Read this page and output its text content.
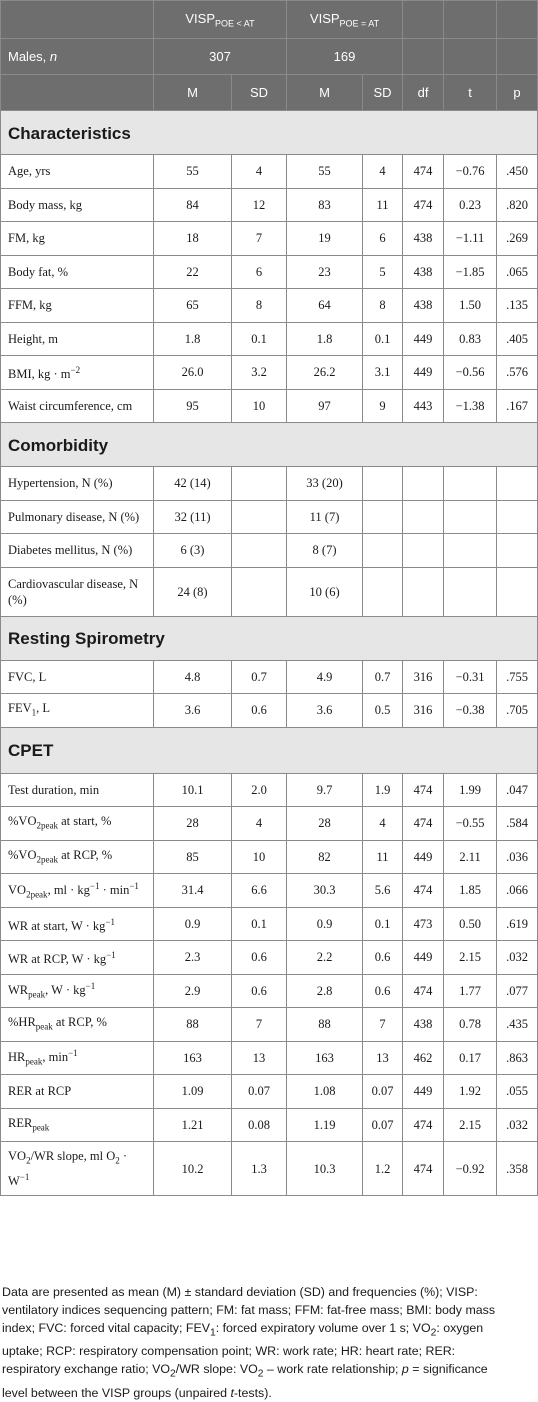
	$VISP_{POE < AT}$		$VISP_{POE = AT}$			
Males, n	307		169				
	M	SD	M	SD	df	t	p
Characteristics							
Age, yrs	55	4	55	4	474	−0.76	.450
Body mass, kg	84	12	83	11	474	0.23	.820
FM, kg	18	7	19	6	438	−1.11	.269
Body fat, %	22	6	23	5	438	−1.85	.065
FFM, kg	65	8	64	8	438	1.50	.135
Height, m	1.8	0.1	1.8	0.1	449	0.83	.405
BMI, kg · $m^{-2}$	26.0	3.2	26.2	3.1	449	−0.56	.576
Waist circumference, cm	95	10	97	9	443	−1.38	.167
Comorbidity							
Hypertension, N (%)	42 (14)		33 (20)				
Pulmonary disease, N (%)	32 (11)		11 (7)				
Diabetes mellitus, N (%)	6 (3)		8 (7)				
Cardiovascular disease, N (%)	24 (8)		10 (6)				
Resting Spirometry							
FVC, L	4.8	0.7	4.9	0.7	316	−0.31	.755
$FEV_1$, L	3.6	0.6	3.6	0.5	316	−0.38	.705
CPET							
Test duration, min	10.1	2.0	9.7	1.9	474	1.99	.047
$\%VO_{2peak}$ at start, %	28	4	28	4	474	−0.55	.584
$\%VO_{2peak}$ at RCP, %	85	10	82	11	449	2.11	.036
$VO_{2peak}$, ml · $kg^{-1} \cdot \min^{-1}$	31.4	6.6	30.3	5.6	474	1.85	.066
WR at start, $W \cdot kg^{-1}$	0.9	0.1	0.9	0.1	473	0.50	.619
WR at RCP, $W \cdot kg^{-1}$	2.3	0.6	2.2	0.6	449	2.15	.032
$WR_{peak}$, $W \cdot kg^{-1}$	2.9	0.6	2.8	0.6	474	1.77	.077
$\%HR_{peak}$ at RCP, %	88	7	88	7	438	0.78	.435
$HR_{peak}$, $\min^{-1}$	163	13	163	13	462	0.17	.863
RER at RCP	1.09	0.07	1.08	0.07	449	1.92	.055
$RER_{peak}$	1.21	0.08	1.19	0.07	474	2.15	.032
$VO_2/WR$ slope, ml $O_2 \cdot W^{-1}$	10.2	1.3	10.3	1.2	474	−0.92	.358
Data are presented as mean (M) ± standard deviation (SD) and frequencies (%); VISP: ventilatory indices sequencing pattern; FM: fat mass; FFM: fat-free mass; BMI: body mass index; FVC: forced vital capacity; $FEV_1$: forced expiratory volume over 1 s; $VO_2$: oxygen uptake; RCP: respiratory compensation point; WR: work rate; HR: heart rate; RER: respiratory exchange ratio; $VO_2/WR$ slope: $VO_2$ – work rate relationship; p = significance level between the VISP groups (unpaired t-tests).
